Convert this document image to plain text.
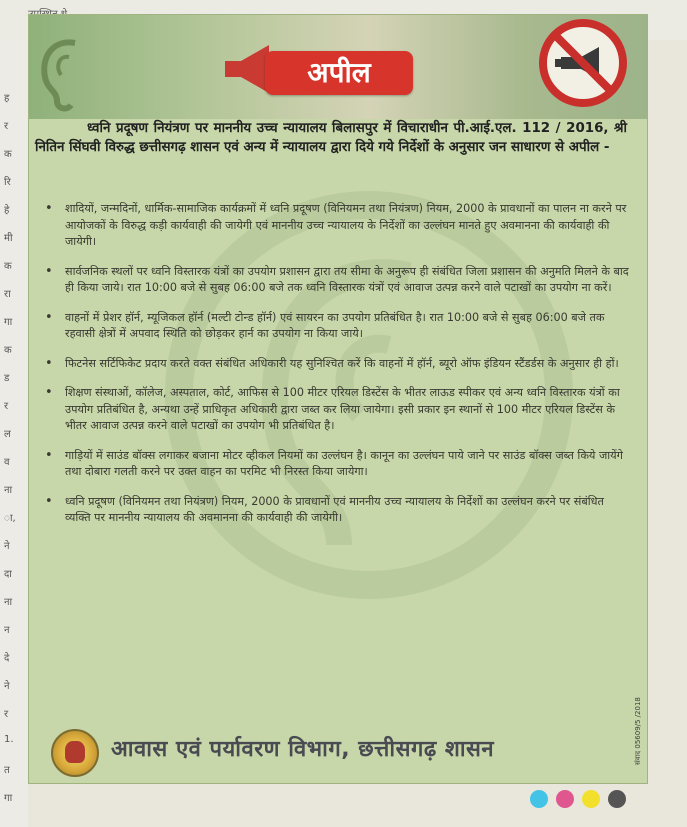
ह
र
क
रि
हे
मी
क
रा
गा
क
ड
र
ल
व
ना
ा,
ने
दा
ना
न
दे
ने
र
1.
त
गा
अपील
ध्वनि प्रदूषण नियंत्रण पर माननीय उच्च न्यायालय बिलासपुर में विचाराधीन पी.आई.एल. 112 / 2016, श्री नितिन सिंघवी विरुद्ध छत्तीसगढ़ शासन एवं अन्य में न्यायालय द्वारा दिये गये निर्देशों के अनुसार जन साधारण से अपील -
• शादियों, जन्मदिनों, धार्मिक-सामाजिक कार्यक्रमों में ध्वनि प्रदूषण (विनियमन तथा नियंत्रण) नियम, 2000 के प्रावधानों का पालन ना करने पर आयोजकों के विरुद्ध कड़ी कार्यवाही की जायेगी एवं माननीय उच्च न्यायालय के निर्देशों का उल्लंघन मानते हुए अवमानना की कार्यवाही की जायेगी।
• सार्वजनिक स्थलों पर ध्वनि विस्तारक यंत्रों का उपयोग प्रशासन द्वारा तय सीमा के अनुरूप ही संबंधित जिला प्रशासन की अनुमति मिलने के बाद ही किया जाये। रात 10:00 बजे से सुबह 06:00 बजे तक ध्वनि विस्तारक यंत्रों एवं आवाज उत्पन्न करने वाले पटाखों का उपयोग ना करें।
• वाहनों में प्रेशर हॉर्न, म्यूजिकल हॉर्न (मल्टी टोन्ड हॉर्न) एवं सायरन का उपयोग प्रतिबंधित है। रात 10:00 बजे से सुबह 06:00 बजे तक रहवासी क्षेत्रों में अपवाद स्थिति को छोड़कर हार्न का उपयोग ना किया जाये।
• फिटनेस सर्टिफिकेट प्रदाय करते वक्त संबंधित अधिकारी यह सुनिश्चित करें कि वाहनों में हॉर्न, ब्यूरो ऑफ इंडियन स्टैंडर्डस के अनुसार ही हों।
• शिक्षण संस्थाओं, कॉलेज, अस्पताल, कोर्ट, आफिस से 100 मीटर एरियल डिस्टेंस के भीतर लाऊड स्पीकर एवं अन्य ध्वनि विस्तारक यंत्रों का उपयोग प्रतिबंधित है, अन्यथा उन्हें प्राधिकृत अधिकारी द्वारा जब्त कर लिया जायेगा। इसी प्रकार इन स्थानों से 100 मीटर एरियल डिस्टेंस के भीतर आवाज उत्पन्न करने वाले पटाखों का उपयोग भी प्रतिबंधित है।
• गाड़ियों में साउंड बॉक्स लगाकर बजाना मोटर व्हीकल नियमों का उल्लंघन है। कानून का उल्लंघन पाये जाने पर साउंड बॉक्स जब्त किये जायेंगे तथा दोबारा गलती करने पर उक्त वाहन का परमिट भी निरस्त किया जायेगा।
• ध्वनि प्रदूषण (विनियमन तथा नियंत्रण) नियम, 2000 के प्रावधानों एवं माननीय उच्च न्यायालय के निर्देशों का उल्लंघन करने पर संबंधित व्यक्ति पर माननीय न्यायालय की अवमानना की कार्यवाही की जायेगी।
आवास एवं पर्यावरण विभाग, छत्तीसगढ़ शासन	संवाद 05609/5 /2018
